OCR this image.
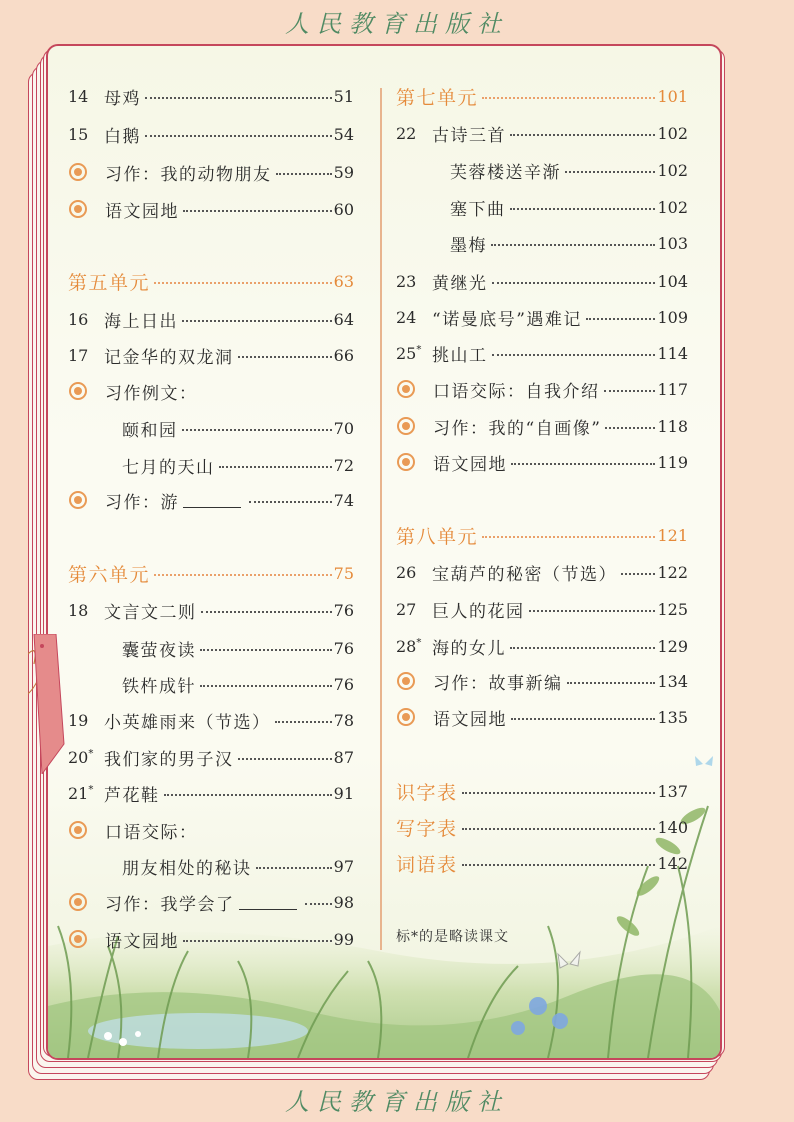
人民教育出版社
14 母鸡	51
15 白鹅	54
习作：我的动物朋友	59
语文园地	60
第五单元	63
16 海上日出	64
17 记金华的双龙洞	66
习作例文：
颐和园	70
七月的天山	72
习作：游	74
第六单元	75
18 文言文二则	76
囊萤夜读	76
铁杵成针	76
19 小英雄雨来（节选）	78
20* 我们家的男子汉	87
21* 芦花鞋	91
口语交际：
朋友相处的秘诀	97
习作：我学会了	98
语文园地	99
第七单元	101
22 古诗三首	102
芙蓉楼送辛渐	102
塞下曲	102
墨梅	103
23 黄继光	104
24 “诺曼底号”遇难记	109
25* 挑山工	114
口语交际：自我介绍	117
习作：我的“自画像”	118
语文园地	119
第八单元	121
26 宝葫芦的秘密（节选）	122
27 巨人的花园	125
28* 海的女儿	129
习作：故事新编	134
语文园地	135
识字表	137
写字表	140
词语表	142
标*的是略读课文
人民教育出版社
